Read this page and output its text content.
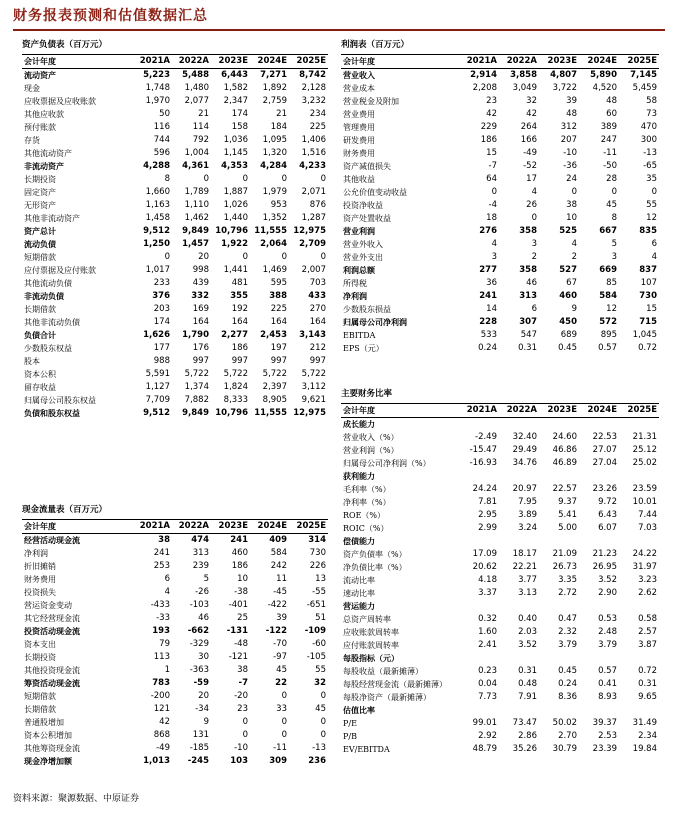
财务报表预测和估值数据汇总
资产负债表（百万元）
会计年度	2021A	2022A	2023E	2024E	2025E
流动资产	5,223	5,488	6,443	7,271	8,742
现金	1,748	1,480	1,582	1,892	2,128
应收票据及应收账款	1,970	2,077	2,347	2,759	3,232
其他应收款	50	21	174	21	234
预付账款	116	114	158	184	225
存货	744	792	1,036	1,095	1,406
其他流动资产	596	1,004	1,145	1,320	1,516
非流动资产	4,288	4,361	4,353	4,284	4,233
长期投资	8	0	0	0	0
固定资产	1,660	1,789	1,887	1,979	2,071
无形资产	1,163	1,110	1,026	953	876
其他非流动资产	1,458	1,462	1,440	1,352	1,287
资产总计	9,512	9,849	10,796	11,555	12,975
流动负债	1,250	1,457	1,922	2,064	2,709
短期借款	0	20	0	0	0
应付票据及应付账款	1,017	998	1,441	1,469	2,007
其他流动负债	233	439	481	595	703
非流动负债	376	332	355	388	433
长期借款	203	169	192	225	270
其他非流动负债	174	164	164	164	164
负债合计	1,626	1,790	2,277	2,453	3,143
少数股东权益	177	176	186	197	212
股本	988	997	997	997	997
资本公积	5,591	5,722	5,722	5,722	5,722
留存收益	1,127	1,374	1,824	2,397	3,112
归属母公司股东权益	7,709	7,882	8,333	8,905	9,621
负债和股东权益	9,512	9,849	10,796	11,555	12,975
利润表（百万元）
会计年度	2021A	2022A	2023E	2024E	2025E
营业收入	2,914	3,858	4,807	5,890	7,145
营业成本	2,208	3,049	3,722	4,520	5,459
营业税金及附加	23	32	39	48	58
营业费用	42	42	48	60	73
管理费用	229	264	312	389	470
研发费用	186	166	207	247	300
财务费用	15	-49	-10	-11	-13
资产减值损失	-7	-52	-36	-50	-65
其他收益	64	17	24	28	35
公允价值变动收益	0	4	0	0	0
投资净收益	-4	26	38	45	55
资产处置收益	18	0	10	8	12
营业利润	276	358	525	667	835
营业外收入	4	3	4	5	6
营业外支出	3	2	2	3	4
利润总额	277	358	527	669	837
所得税	36	46	67	85	107
净利润	241	313	460	584	730
少数股东损益	14	6	9	12	15
归属母公司净利润	228	307	450	572	715
EBITDA	533	547	689	895	1,045
EPS（元）	0.24	0.31	0.45	0.57	0.72
现金流量表（百万元）
会计年度	2021A	2022A	2023E	2024E	2025E
经营活动现金流	38	474	241	409	314
净利润	241	313	460	584	730
折旧摊销	253	239	186	242	226
财务费用	6	5	10	11	13
投资损失	4	-26	-38	-45	-55
营运资金变动	-433	-103	-401	-422	-651
其它经营现金流	-33	46	25	39	51
投资活动现金流	193	-662	-131	-122	-109
资本支出	79	-329	-48	-70	-60
长期投资	113	30	-121	-97	-105
其他投资现金流	1	-363	38	45	55
筹资活动现金流	783	-59	-7	22	32
短期借款	-200	20	-20	0	0
长期借款	121	-34	23	33	45
普通股增加	42	9	0	0	0
资本公积增加	868	131	0	0	0
其他筹资现金流	-49	-185	-10	-11	-13
现金净增加额	1,013	-245	103	309	236
主要财务比率
会计年度	2021A	2022A	2023E	2024E	2025E
成长能力					
营业收入（%）	-2.49	32.40	24.60	22.53	21.31
营业利润（%）	-15.47	29.49	46.86	27.07	25.12
归属母公司净利润（%）	-16.93	34.76	46.89	27.04	25.02
获利能力					
毛利率（%）	24.24	20.97	22.57	23.26	23.59
净利率（%）	7.81	7.95	9.37	9.72	10.01
ROE（%）	2.95	3.89	5.41	6.43	7.44
ROIC（%）	2.99	3.24	5.00	6.07	7.03
偿债能力					
资产负债率（%）	17.09	18.17	21.09	21.23	24.22
净负债比率（%）	20.62	22.21	26.73	26.95	31.97
流动比率	4.18	3.77	3.35	3.52	3.23
速动比率	3.37	3.13	2.72	2.90	2.62
营运能力					
总资产周转率	0.32	0.40	0.47	0.53	0.58
应收账款周转率	1.60	2.03	2.32	2.48	2.57
应付账款周转率	2.41	3.52	3.79	3.79	3.87
每股指标（元）					
每股收益（最新摊薄）	0.23	0.31	0.45	0.57	0.72
每股经营现金流（最新摊薄）	0.04	0.48	0.24	0.41	0.31
每股净资产（最新摊薄）	7.73	7.91	8.36	8.93	9.65
估值比率					
P/E	99.01	73.47	50.02	39.37	31.49
P/B	2.92	2.86	2.70	2.53	2.34
EV/EBITDA	48.79	35.26	30.79	23.39	19.84
资料来源：聚源数据、中原证券
